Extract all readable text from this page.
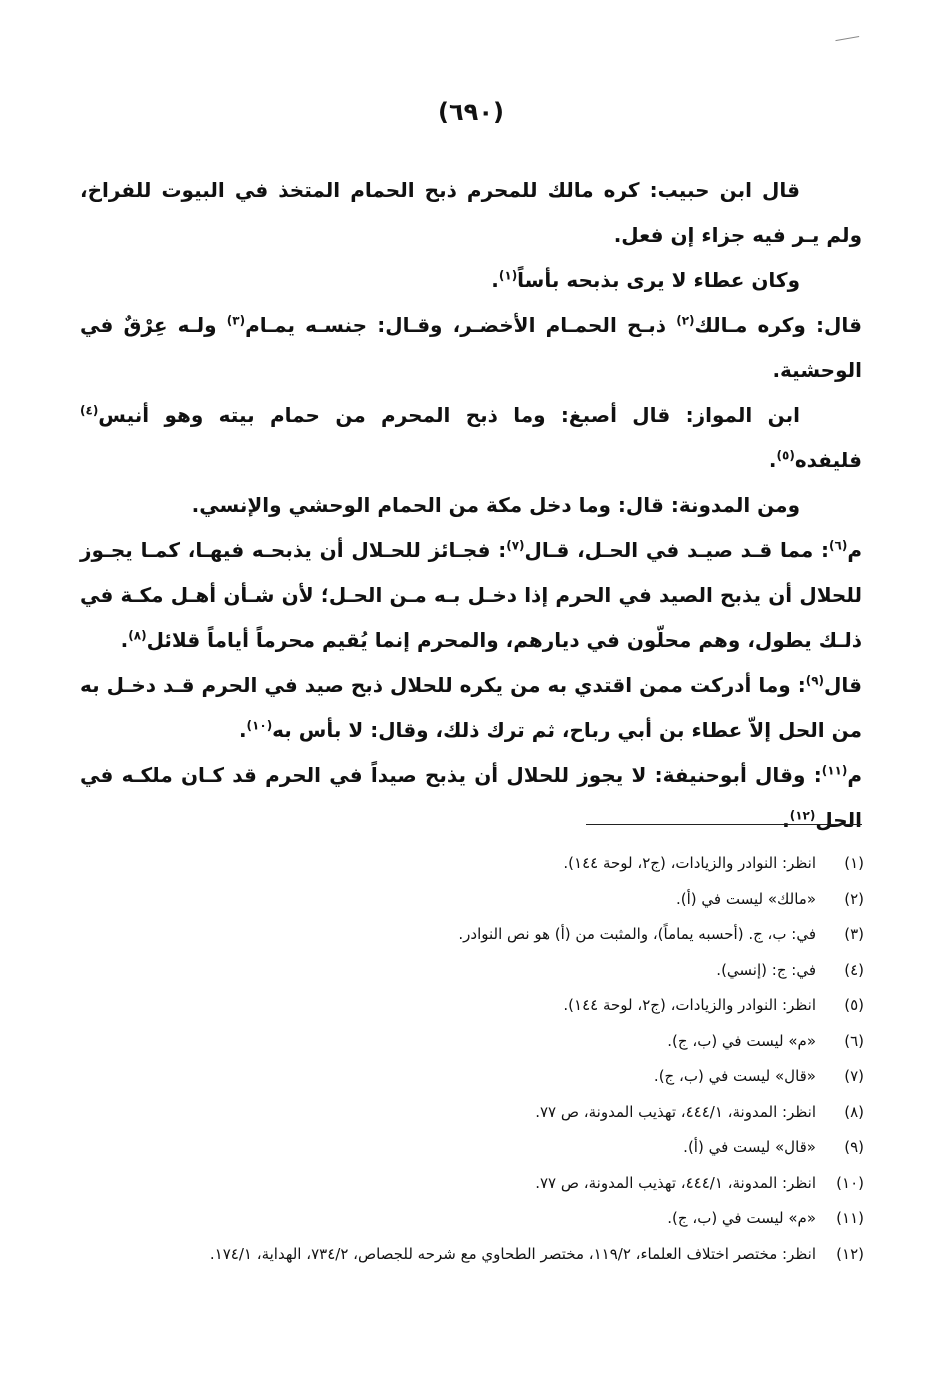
(٦٩٠)

قال ابن حبيب: كره مالك للمحرم ذبح الحمام المتخذ في البيوت للفراخ، ولم يـر فيه جزاء إن فعل.

وكان عطاء لا يرى بذبحه بأساً$^{(١)}$.

قال: وكره مـالك$^{(٢)}$ ذبـح الحمـام الأخضـر، وقـال: جنسـه يمـام$^{(٣)}$ ولـه عِرْقٌ في الوحشية.

ابن المواز: قال أصبغ: وما ذبح المحرم من حمام بيته وهو أنيس$^{(٤)}$ فليفده$^{(٥)}$.

ومن المدونة: قال: وما دخل مكة من الحمام الوحشي والإنسي.

م$^{(٦)}$: مما قـد صيـد في الحـل، قـال$^{(٧)}$: فجـائز للحـلال أن يذبحـه فيهـا، كمـا يجـوز للحلال أن يذبح الصيد في الحرم إذا دخـل بـه مـن الحـل؛ لأن شـأن أهـل مكـة في ذلـك يطول، وهم محلّون في ديارهم، والمحرم إنما يُقيم محرماً أياماً قلائل$^{(٨)}$.

قال$^{(٩)}$: وما أدركت ممن اقتدي به من يكره للحلال ذبح صيد في الحرم قـد دخـل به من الحل إلاّ عطاء بن أبي رباح، ثم ترك ذلك، وقال: لا بأس به$^{(١٠)}$.

م$^{(١١)}$: وقال أبوحنيفة: لا يجوز للحلال أن يذبح صيداً في الحرم قد كـان ملكـه في الحل$^{(١٢)}$.

(١)
انظر: النوادر والزيادات، (ج٢، لوحة ١٤٤).
(٢)
«مالك» ليست في (أ).
(٣)
في: ب، ج. (أحسبه يماماً)، والمثبت من (أ) هو نص النوادر.
(٤)
في: ج: (إنسي).
(٥)
انظر: النوادر والزيادات، (ج٢، لوحة ١٤٤).
(٦)
«م» ليست في (ب، ج).
(٧)
«قال» ليست في (ب، ج).
(٨)
انظر: المدونة، ٤٤٤/١، تهذيب المدونة، ص ٧٧.
(٩)
«قال» ليست في (أ).
(١٠)
انظر: المدونة، ٤٤٤/١، تهذيب المدونة، ص ٧٧.
(١١)
«م» ليست في (ب، ج).
(١٢)
انظر: مختصر اختلاف العلماء، ١١٩/٢، مختصر الطحاوي مع شرحه للجصاص، ٧٣٤/٢، الهداية، ١٧٤/١.
